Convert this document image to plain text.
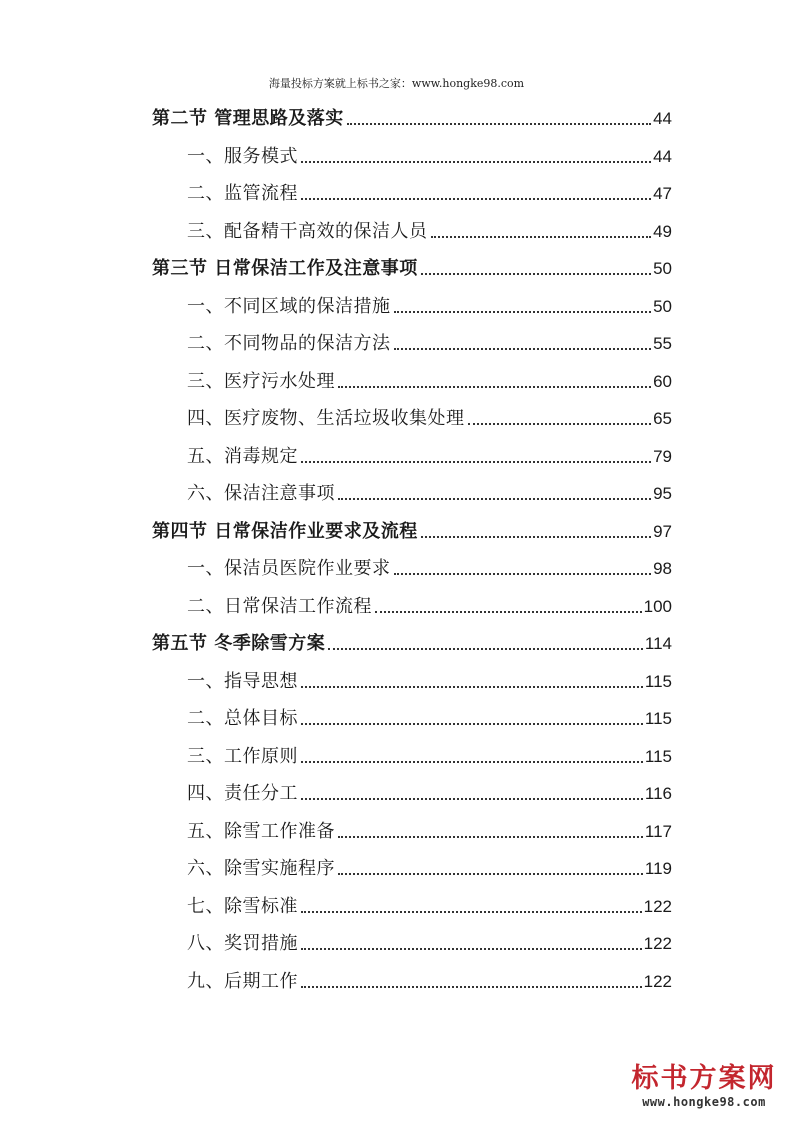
海量投标方案就上标书之家：www.hongke98.com
第二节 管理思路及落实	44
一、服务模式	44
二、监管流程	47
三、配备精干高效的保洁人员	49
第三节 日常保洁工作及注意事项	50
一、不同区域的保洁措施	50
二、不同物品的保洁方法	55
三、医疗污水处理	60
四、医疗废物、生活垃圾收集处理	65
五、消毒规定	79
六、保洁注意事项	95
第四节 日常保洁作业要求及流程	97
一、保洁员医院作业要求	98
二、日常保洁工作流程	100
第五节 冬季除雪方案	114
一、指导思想	115
二、总体目标	115
三、工作原则	115
四、责任分工	116
五、除雪工作准备	117
六、除雪实施程序	119
七、除雪标准	122
八、奖罚措施	122
九、后期工作	122
标书方案网
www.hongke98.com
